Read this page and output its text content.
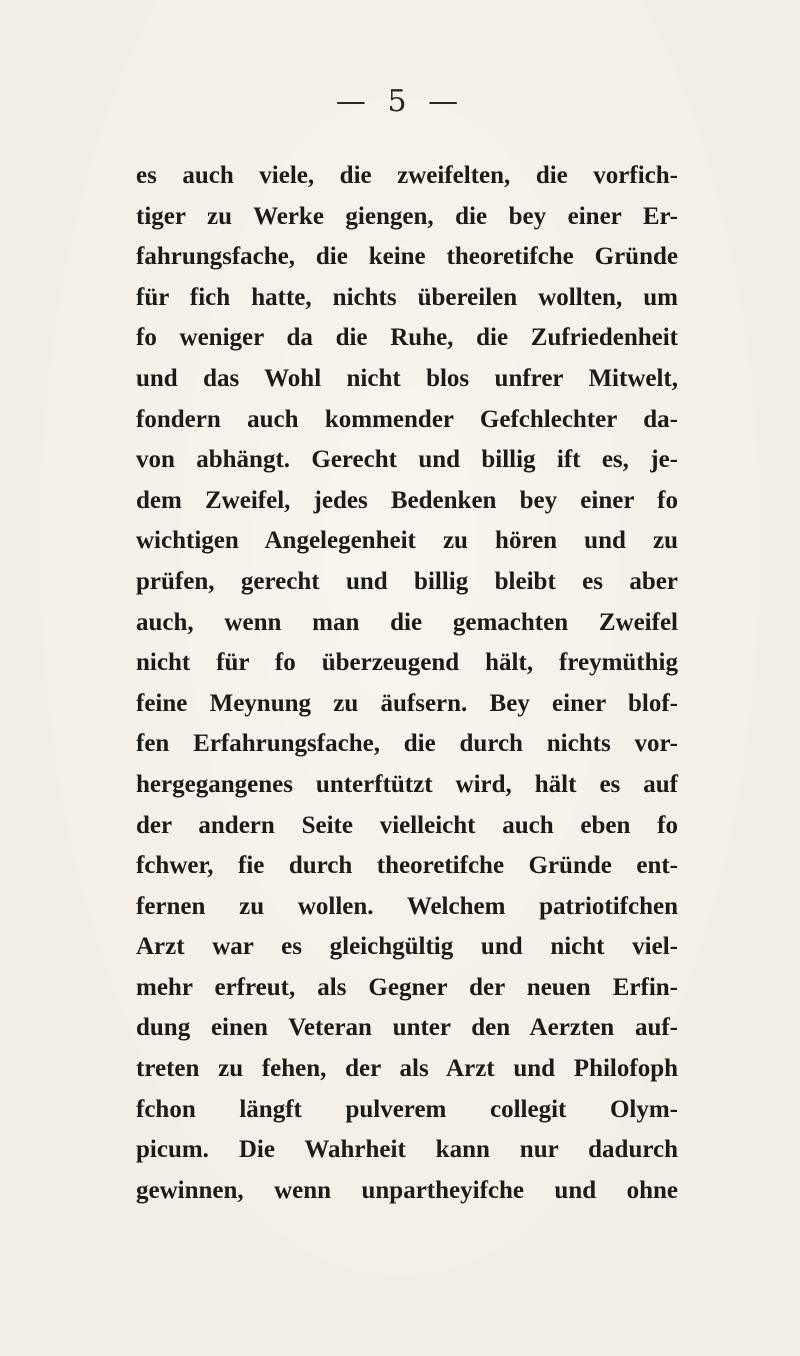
— 5 —
es auch viele, die zweifelten, die vorfich-
tiger zu Werke giengen, die bey einer Er-
fahrungsfache, die keine theoretifche Gründe
für fich hatte, nichts übereilen wollten, um
fo weniger da die Ruhe, die Zufriedenheit
und das Wohl nicht blos unfrer Mitwelt,
fondern auch kommender Gefchlechter da-
von abhängt. Gerecht und billig ift es, je-
dem Zweifel, jedes Bedenken bey einer fo
wichtigen Angelegenheit zu hören und zu
prüfen, gerecht und billig bleibt es aber
auch, wenn man die gemachten Zweifel
nicht für fo überzeugend hält, freymüthig
feine Meynung zu äufsern. Bey einer blof-
fen Erfahrungsfache, die durch nichts vor-
hergegangenes unterftützt wird, hält es auf
der andern Seite vielleicht auch eben fo
fchwer, fie durch theoretifche Gründe ent-
fernen zu wollen. Welchem patriotifchen
Arzt war es gleichgültig und nicht viel-
mehr erfreut, als Gegner der neuen Erfin-
dung einen Veteran unter den Aerzten auf-
treten zu fehen, der als Arzt und Philofoph
fchon längft pulverem collegit Olym-
picum. Die Wahrheit kann nur dadurch
gewinnen, wenn unpartheyifche und ohne
